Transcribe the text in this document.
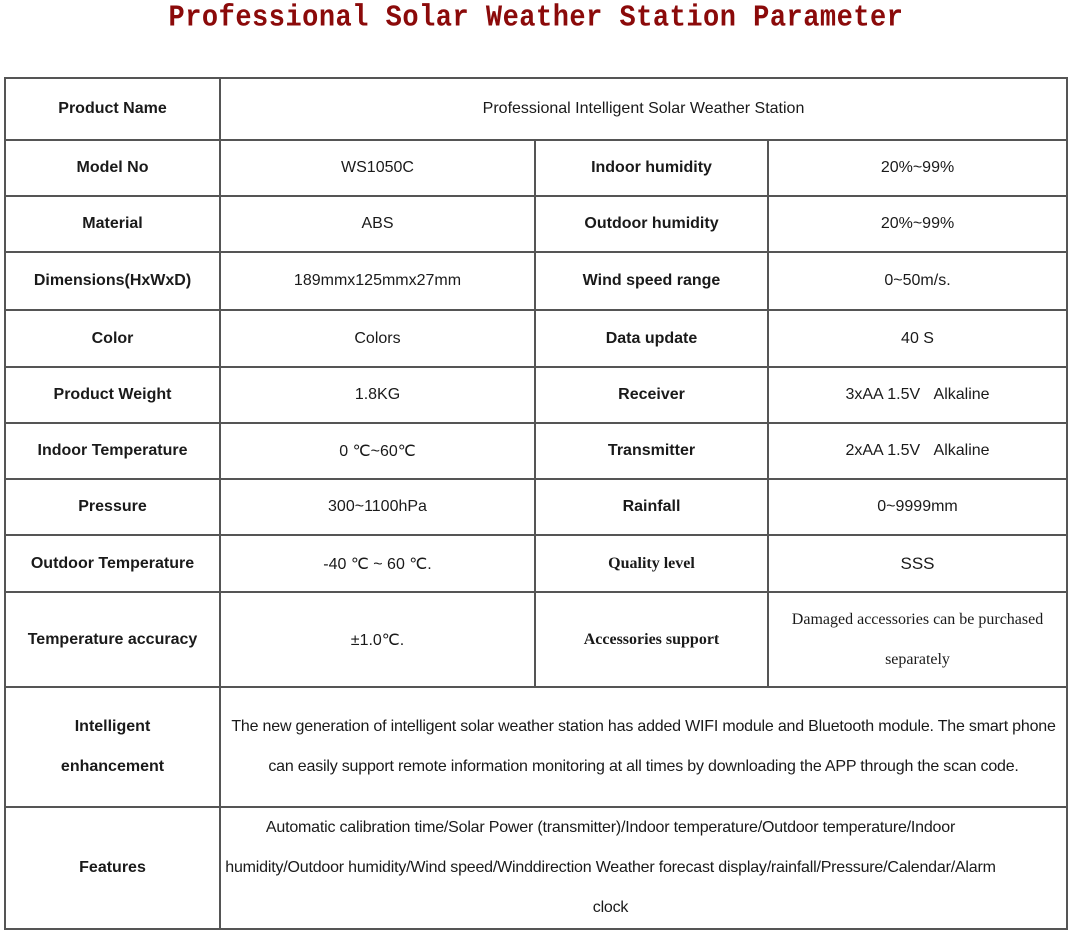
Professional Solar Weather Station Parameter
Product Name	Professional Intelligent Solar Weather Station		
Model No	WS1050C	Indoor humidity	20%~99%
Material	ABS	Outdoor humidity	20%~99%
Dimensions(HxWxD)	189mmx125mmx27mm	Wind speed range	0~50m/s.
Color	Colors	Data update	40 S
Product Weight	1.8KG	Receiver	3xAA 1.5V   Alkaline
Indoor Temperature	0 ℃~60℃	Transmitter	2xAA 1.5V   Alkaline
Pressure	300~1100hPa	Rainfall	0~9999mm
Outdoor Temperature	-40 ℃ ~ 60 ℃.	Quality level	SSS
Temperature accuracy	±1.0℃.	Accessories support	Damaged accessories can be purchased separately
Intelligent
enhancement	The new generation of intelligent solar weather station has added WIFI module and Bluetooth module. The smart phone can easily support remote information monitoring at all times by downloading the APP through the scan code.		
Features	Automatic calibration time/Solar Power (transmitter)/Indoor temperature/Outdoor temperature/Indoor humidity/Outdoor humidity/Wind speed/Winddirection Weather forecast display/rainfall/Pressure/Calendar/Alarm clock		
